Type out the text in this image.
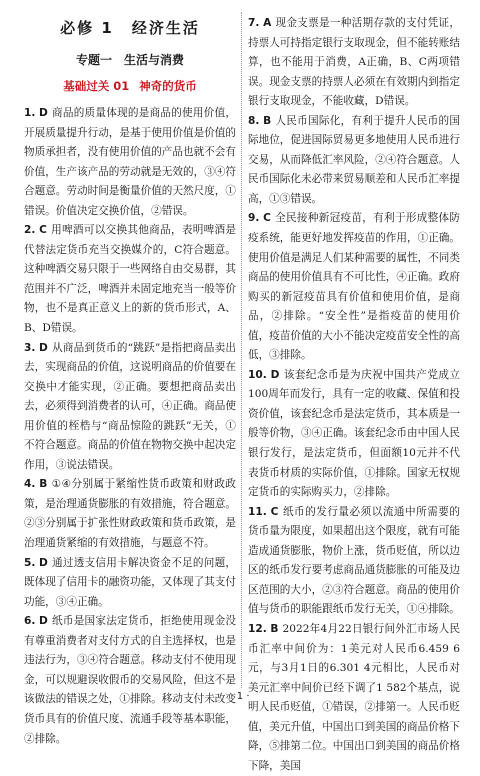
必修 1 经济生活
专题一 生活与消费
基础过关 01 神奇的货币

1. D 商品的质量体现的是商品的使用价值，开展质量提升行动，是基于使用价值是价值的物质承担者，没有使用价值的产品也就不会有价值，生产该产品的劳动就是无效的，③④符合题意。劳动时间是衡量价值的天然尺度，①错误。价值决定交换价值，②错误。

2. C 用啤酒可以交换其他商品，表明啤酒是代替法定货币充当交换媒介的，C符合题意。这种啤酒交易只限于一些网络自由交易群，其范围并不广泛，啤酒并未固定地充当一般等价物，也不是真正意义上的新的货币形式，A、B、D错误。

3. D 从商品到货币的“跳跃”是指把商品卖出去，实现商品的价值，这说明商品的价值要在交换中才能实现，②正确。要想把商品卖出去，必须得到消费者的认可，④正确。商品使用价值的桎梏与“商品惊险的跳跃”无关，①不符合题意。商品的价值在物物交换中起决定作用，③说法错误。

4. B ①④分别属于紧缩性货币政策和财政政策，是治理通货膨胀的有效措施，符合题意。②③分别属于扩张性财政政策和货币政策，是治理通货紧缩的有效措施，与题意不符。

5. D 通过透支信用卡解决资金不足的问题，既体现了信用卡的融资功能，又体现了其支付功能，③④正确。

6. D 纸币是国家法定货币，拒绝使用现金没有尊重消费者对支付方式的自主选择权，也是违法行为，③④符合题意。移动支付不使用现金，可以规避误收假币的交易风险，但这不是该做法的错误之处，①排除。移动支付未改变货币具有的价值尺度、流通手段等基本职能，②排除。

7. A 现金支票是一种活期存款的支付凭证，持票人可持指定银行支取现金，但不能转账结算，也不能用于消费，A正确，B、C两项错误。现金支票的持票人必须在有效期内到指定银行支取现金，不能收藏，D错误。

8. B 人民币国际化，有利于提升人民币的国际地位，促进国际贸易更多地使用人民币进行交易，从而降低汇率风险，②④符合题意。人民币国际化未必带来贸易顺差和人民币汇率提高，①③错误。

9. C 全民接种新冠疫苗，有利于形成整体防疫系统，能更好地发挥疫苗的作用，①正确。使用价值是满足人们某种需要的属性，不同类商品的使用价值具有不可比性，④正确。政府购买的新冠疫苗具有价值和使用价值，是商品，②排除。“安全性”是指疫苗的使用价值，疫苗价值的大小不能决定疫苗安全性的高低，③排除。

10. D 该套纪念币是为庆祝中国共产党成立100周年而发行，具有一定的收藏、保值和投资价值，该套纪念币是法定货币，其本质是一般等价物，③④正确。该套纪念币由中国人民银行发行，是法定货币，但面额10元并不代表货币材质的实际价值，①排除。国家无权规定货币的实际购买力，②排除。

11. C 纸币的发行量必须以流通中所需要的货币量为限度，如果超出这个限度，就有可能造成通货膨胀，物价上涨，货币贬值，所以边区的纸币发行要考虑商品通货膨胀的可能及边区范围的大小，②③符合题意。商品的使用价值与货币的职能跟纸币发行无关，①④排除。

12. B 2022年4月22日银行间外汇市场人民币汇率中间价为：1美元对人民币6.459 6元，与3月1日的6.301 4元相比，人民币对美元汇率中间价已经下调了1 582个基点，说明人民币贬值，①错误，②排第一。人民币贬值，美元升值，中国出口到美国的商品价格下降，⑤排第二位。中国出口到美国的商品价格下降，美国

· 1 ·
